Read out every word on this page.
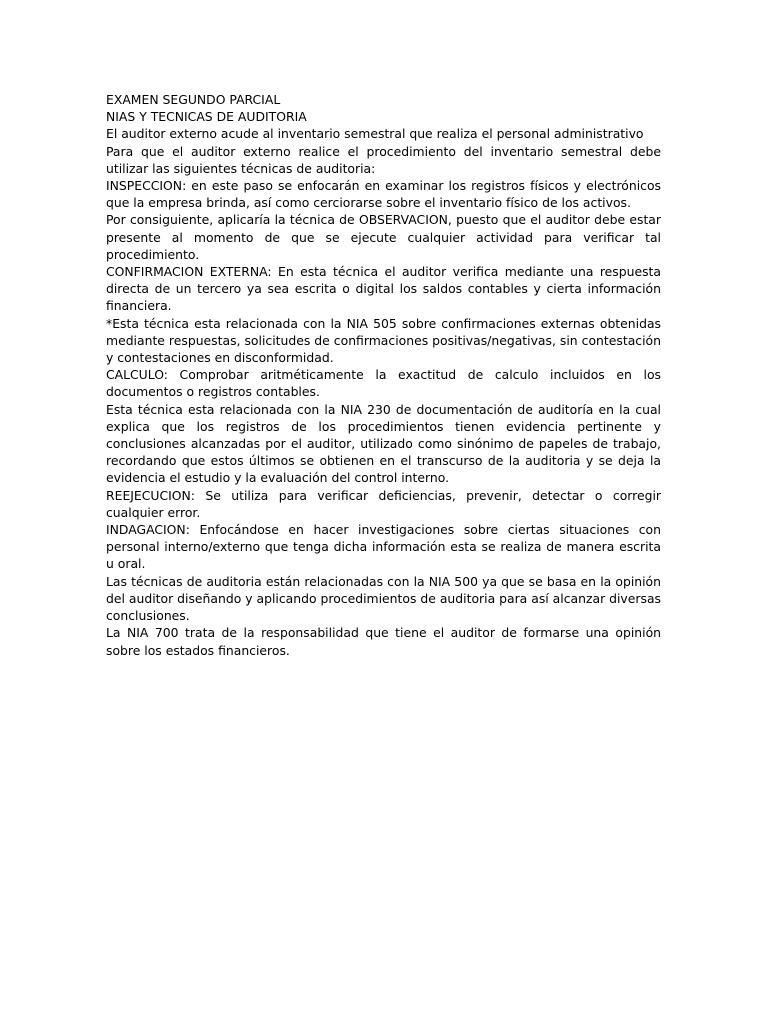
EXAMEN SEGUNDO PARCIAL

NIAS Y TECNICAS DE AUDITORIA

El auditor externo acude al inventario semestral que realiza el personal administrativo

Para que el auditor externo realice el procedimiento del inventario semestral debe utilizar las siguientes técnicas de auditoria:

INSPECCION: en este paso se enfocarán en examinar los registros físicos y electrónicos que la empresa brinda, así como cerciorarse sobre el inventario físico de los activos.

Por consiguiente, aplicaría la técnica de OBSERVACION, puesto que el auditor debe estar presente al momento de que se ejecute cualquier actividad para verificar tal procedimiento.

CONFIRMACION EXTERNA: En esta técnica el auditor verifica mediante una respuesta directa de un tercero ya sea escrita o digital los saldos contables y cierta información financiera.

*Esta técnica esta relacionada con la NIA 505 sobre confirmaciones externas obtenidas mediante respuestas, solicitudes de confirmaciones positivas/negativas, sin contestación y contestaciones en disconformidad.

CALCULO: Comprobar aritméticamente la exactitud de calculo incluidos en los documentos o registros contables.

Esta técnica esta relacionada con la NIA 230 de documentación de auditoría en la cual explica que los registros de los procedimientos tienen evidencia pertinente y conclusiones alcanzadas por el auditor, utilizado como sinónimo de papeles de trabajo, recordando que estos últimos se obtienen en el transcurso de la auditoria y se deja la evidencia el estudio y la evaluación del control interno.

REEJECUCION: Se utiliza para verificar deficiencias, prevenir, detectar o corregir cualquier error.

INDAGACION: Enfocándose en hacer investigaciones sobre ciertas situaciones con personal interno/externo que tenga dicha información esta se realiza de manera escrita u oral.

Las técnicas de auditoria están relacionadas con la NIA 500 ya que se basa en la opinión del auditor diseñando y aplicando procedimientos de auditoria para así alcanzar diversas conclusiones.

La NIA 700 trata de la responsabilidad que tiene el auditor de formarse una opinión sobre los estados financieros.
